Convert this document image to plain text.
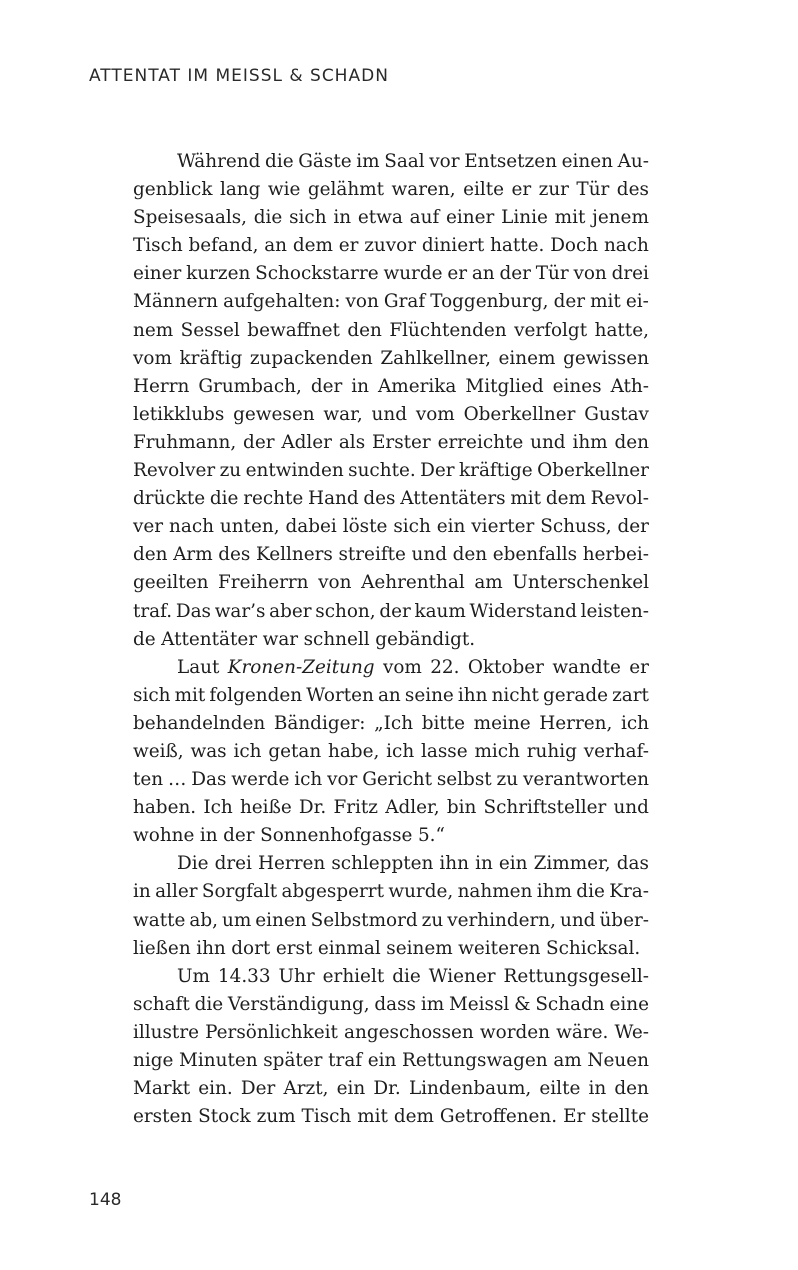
ATTENTAT IM MEISSL & SCHADN
Während die Gäste im Saal vor Entsetzen einen Au-
genblick lang wie gelähmt waren, eilte er zur Tür des
Speisesaals, die sich in etwa auf einer Linie mit jenem
Tisch befand, an dem er zuvor diniert hatte. Doch nach
einer kurzen Schockstarre wurde er an der Tür von drei
Männern aufgehalten: von Graf Toggenburg, der mit ei-
nem Sessel bewaffnet den Flüchtenden verfolgt hatte,
vom kräftig zupackenden Zahlkellner, einem gewissen
Herrn Grumbach, der in Amerika Mitglied eines Ath-
letikklubs gewesen war, und vom Oberkellner Gustav
Fruhmann, der Adler als Erster erreichte und ihm den
Revolver zu entwinden suchte. Der kräftige Oberkellner
drückte die rechte Hand des Attentäters mit dem Revol-
ver nach unten, dabei löste sich ein vierter Schuss, der
den Arm des Kellners streifte und den ebenfalls herbei-
geeilten Freiherrn von Aehrenthal am Unterschenkel
traf. Das war’s aber schon, der kaum Widerstand leisten-
de Attentäter war schnell gebändigt.
Laut Kronen-Zeitung vom 22. Oktober wandte er
sich mit folgenden Worten an seine ihn nicht gerade zart
behandelnden Bändiger: „Ich bitte meine Herren, ich
weiß, was ich getan habe, ich lasse mich ruhig verhaf-
ten … Das werde ich vor Gericht selbst zu verantworten
haben. Ich heiße Dr. Fritz Adler, bin Schriftsteller und
wohne in der Sonnenhofgasse 5.“
Die drei Herren schleppten ihn in ein Zimmer, das
in aller Sorgfalt abgesperrt wurde, nahmen ihm die Kra-
watte ab, um einen Selbstmord zu verhindern, und über-
ließen ihn dort erst einmal seinem weiteren Schicksal.
Um 14.33 Uhr erhielt die Wiener Rettungsgesell-
schaft die Verständigung, dass im Meissl & Schadn eine
illustre Persönlichkeit angeschossen worden wäre. We-
nige Minuten später traf ein Rettungswagen am Neuen
Markt ein. Der Arzt, ein Dr. Lindenbaum, eilte in den
ersten Stock zum Tisch mit dem Getroffenen. Er stellte
148
